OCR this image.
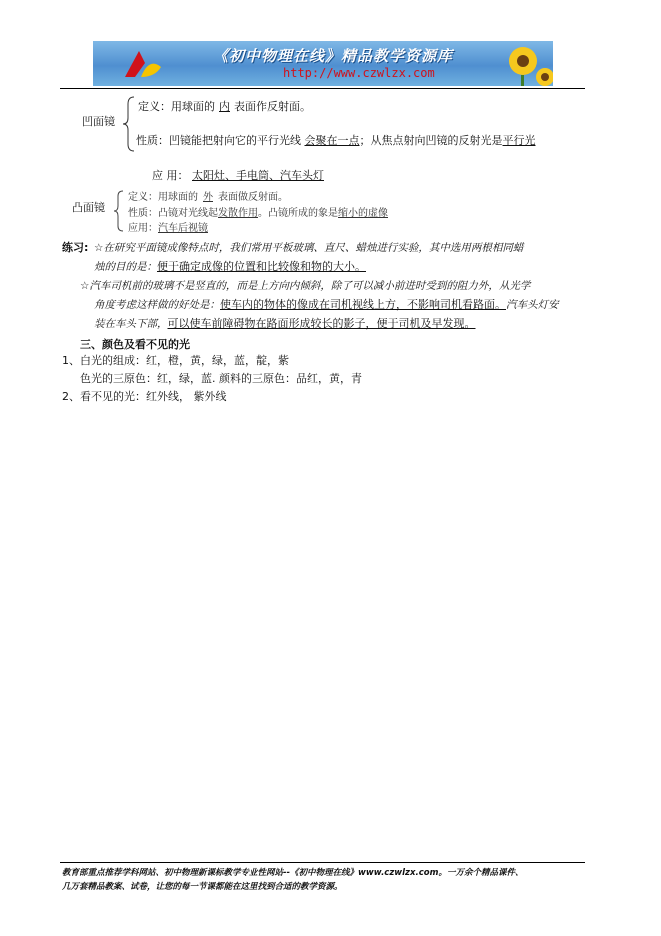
《初中物理在线》精品教学资源库
http://www.czwlzx.com
凹面镜
定义：用球面的 内 表面作反射面。
性质：凹镜能把射向它的平行光线 会聚在一点；从焦点射向凹镜的反射光是平行光
应 用： 太阳灶、手电筒、汽车头灯
凸面镜
定义：用球面的 外 表面做反射面。
性质：凸镜对光线起发散作用。凸镜所成的象是缩小的虚像
应用：汽车后视镜
练习: ☆在研究平面镜成像特点时，我们常用平板玻璃、直尺、蜡烛进行实验，其中选用两根相同蜡
烛的目的是：便于确定成像的位置和比较像和物的大小。
☆汽车司机前的玻璃不是竖直的，而是上方向内倾斜，除了可以减小前进时受到的阻力外，从光学
角度考虑这样做的好处是：使车内的物体的像成在司机视线上方，不影响司机看路面。汽车头灯安
装在车头下部，可以使车前障碍物在路面形成较长的影子，便于司机及早发现。
三、颜色及看不见的光
1、白光的组成：红，橙，黄，绿，蓝，靛，紫
色光的三原色：红，绿，蓝. 颜料的三原色：品红，黄，青
2、看不见的光：红外线， 紫外线
教育部重点推荐学科网站、初中物理新课标教学专业性网站--《初中物理在线》www.czwlzx.com。一万余个精品课件、
几万套精品教案、试卷，让您的每一节课都能在这里找到合适的教学资源。
